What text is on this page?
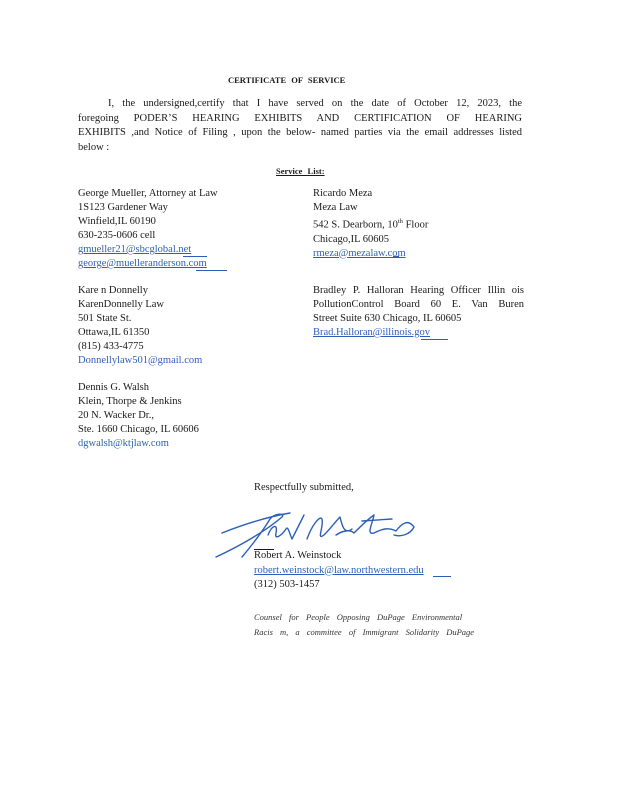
CERTIFICATE OF SERVICE
I, the undersigned,certify that I have served on the date of October 12, 2023, the
foregoing PODER’S HEARING EXHIBITS AND CERTIFICATION OF HEARING
EXHIBITS ,and Notice of Filing , upon the below- named parties via the email addresses listed
below :
Service List:
George Mueller, Attorney at Law
1S123 Gardener Way
Winfield,IL 60190
630-235-0606 cell
gmueller21@sbcglobal.net
george@muelleranderson.com
Ricardo Meza
Meza Law
542 S. Dearborn, 10th Floor
Chicago,IL 60605
rmeza@mezalaw.com
Kare n Donnelly
KarenDonnelly Law
501 State St.
Ottawa,IL 61350
(815) 433-4775
Donnellylaw501@gmail.com
Bradley P. Halloran Hearing Officer Illin ois
PollutionControl Board 60 E. Van Buren
Street Suite 630 Chicago, IL 60605
Brad.Halloran@illinois.gov
Dennis G. Walsh
Klein, Thorpe & Jenkins
20 N. Wacker Dr.,
Ste. 1660 Chicago, IL 60606
dgwalsh@ktjlaw.com
Respectfully submitted,
Robert A. Weinstock
robert.weinstock@law.northwestern.edu
(312) 503-1457
Counsel for People Opposing DuPage Environmental
Racis m, a committee of Immigrant Solidarity DuPage
